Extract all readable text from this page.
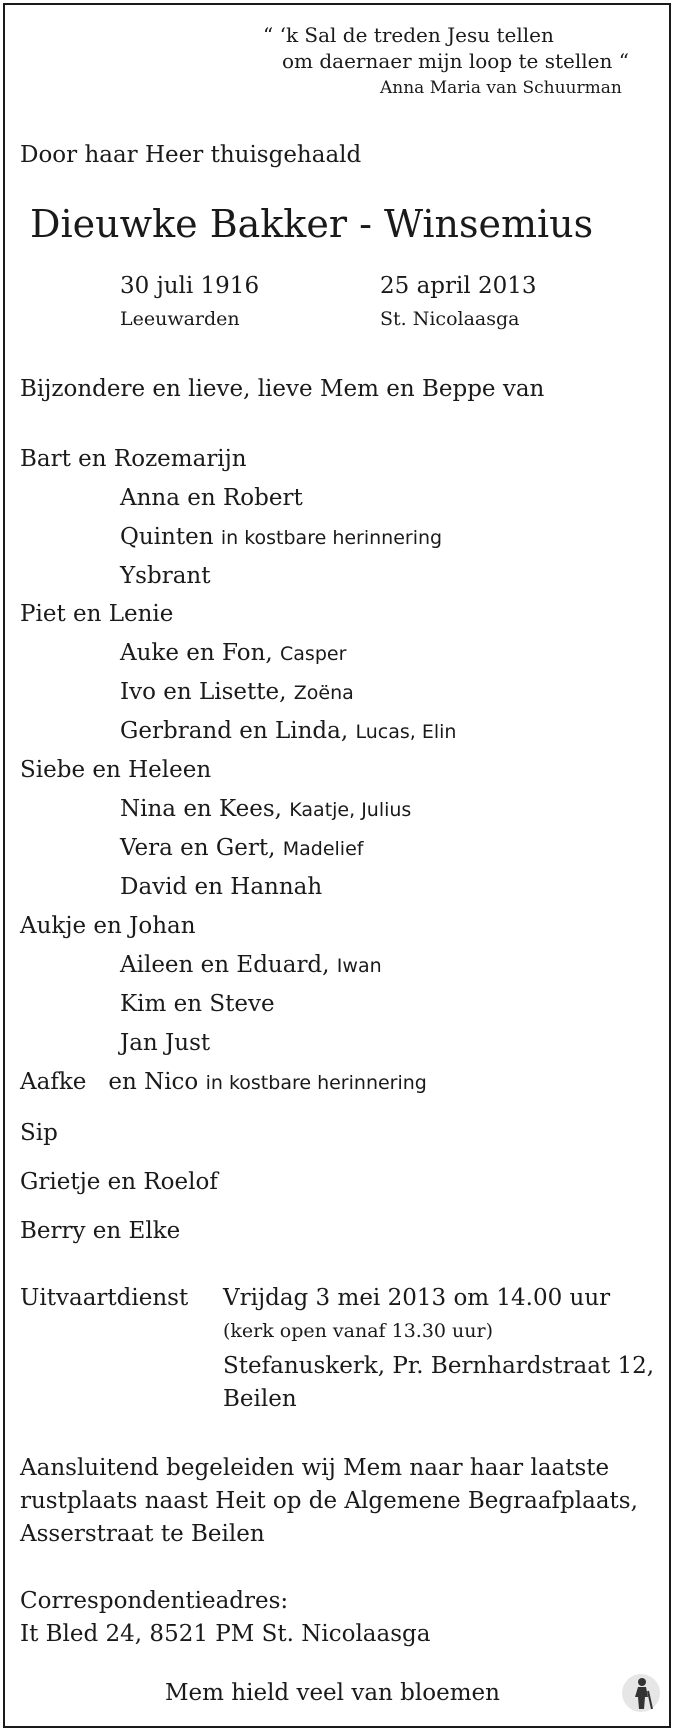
“ ‘k Sal de treden Jesu tellen
om daernaer mijn loop te stellen “
Anna Maria van Schuurman
Door haar Heer thuisgehaald
Dieuwke Bakker - Winsemius
30 juli 1916
Leeuwarden
25 april 2013
St. Nicolaasga
Bijzondere en lieve, lieve Mem en Beppe van
Bart en Rozemarijn
Anna en Robert
Quinten in kostbare herinnering
Ysbrant
Piet en Lenie
Auke en Fon, Casper
Ivo en Lisette, Zoëna
Gerbrand en Linda, Lucas, Elin
Siebe en Heleen
Nina en Kees, Kaatje, Julius
Vera en Gert, Madelief
David en Hannah
Aukje en Johan
Aileen en Eduard, Iwan
Kim en Steve
Jan Just
Aafke en Nico in kostbare herinnering
Sip
Grietje en Roelof
Berry en Elke
Uitvaartdienst Vrijdag 3 mei 2013 om 14.00 uur
(kerk open vanaf 13.30 uur)
Stefanuskerk, Pr. Bernhardstraat 12,
Beilen
Aansluitend begeleiden wij Mem naar haar laatste
rustplaats naast Heit op de Algemene Begraafplaats,
Asserstraat te Beilen
Correspondentieadres:
It Bled 24, 8521 PM St. Nicolaasga
Mem hield veel van bloemen
